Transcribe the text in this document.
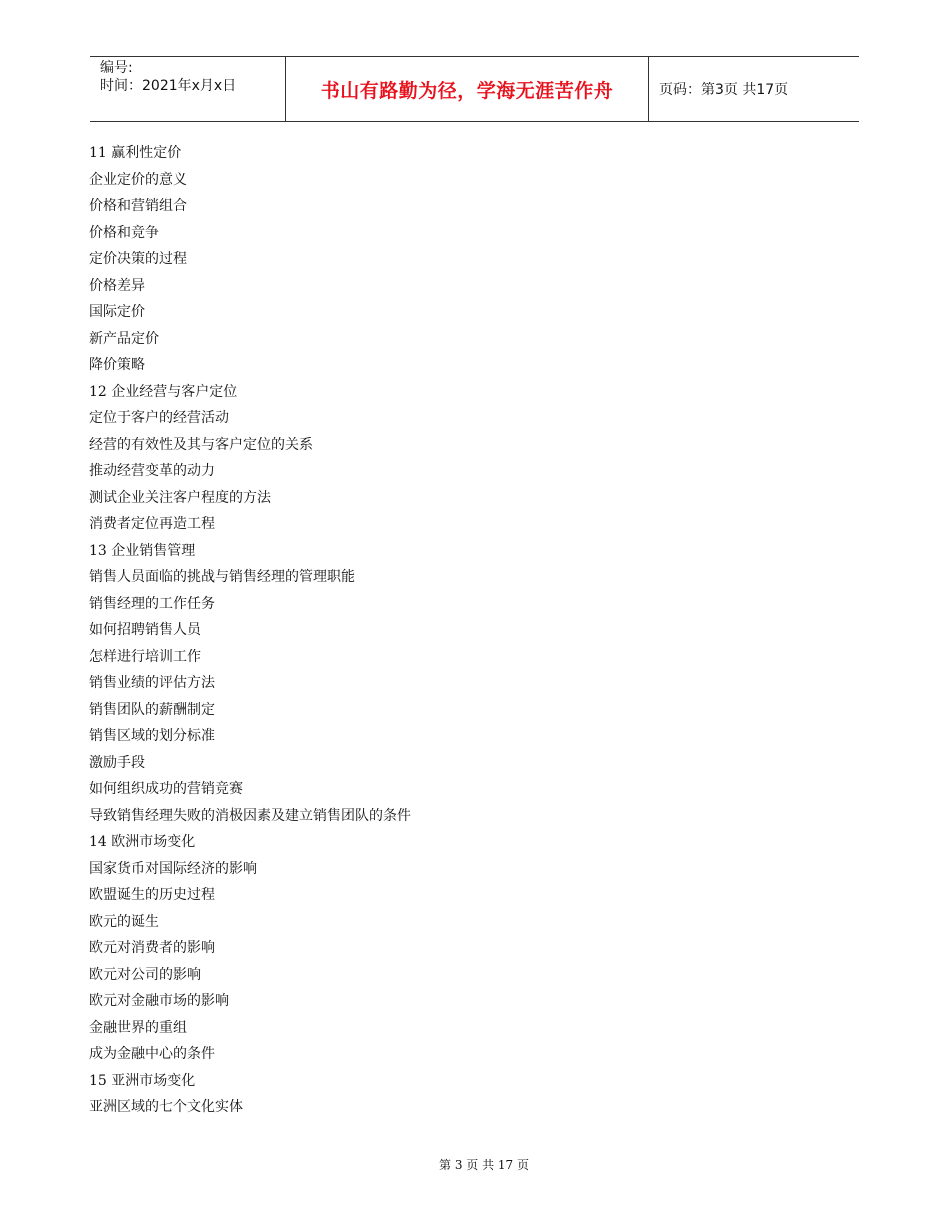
编号:
时间：2021年x月x日	书山有路勤为径，学海无涯苦作舟	页码：第3页 共17页
11 赢利性定价
企业定价的意义
价格和营销组合
价格和竞争
定价决策的过程
价格差异
国际定价
新产品定价
降价策略
12 企业经营与客户定位
定位于客户的经营活动
经营的有效性及其与客户定位的关系
推动经营变革的动力
测试企业关注客户程度的方法
消费者定位再造工程
13 企业销售管理
销售人员面临的挑战与销售经理的管理职能
销售经理的工作任务
如何招聘销售人员
怎样进行培训工作
销售业绩的评估方法
销售团队的薪酬制定
销售区域的划分标准
激励手段
如何组织成功的营销竞赛
导致销售经理失败的消极因素及建立销售团队的条件
14 欧洲市场变化
国家货币对国际经济的影响
欧盟诞生的历史过程
欧元的诞生
欧元对消费者的影响
欧元对公司的影响
欧元对金融市场的影响
金融世界的重组
成为金融中心的条件
15 亚洲市场变化
亚洲区域的七个文化实体
第 3 页 共 17 页
